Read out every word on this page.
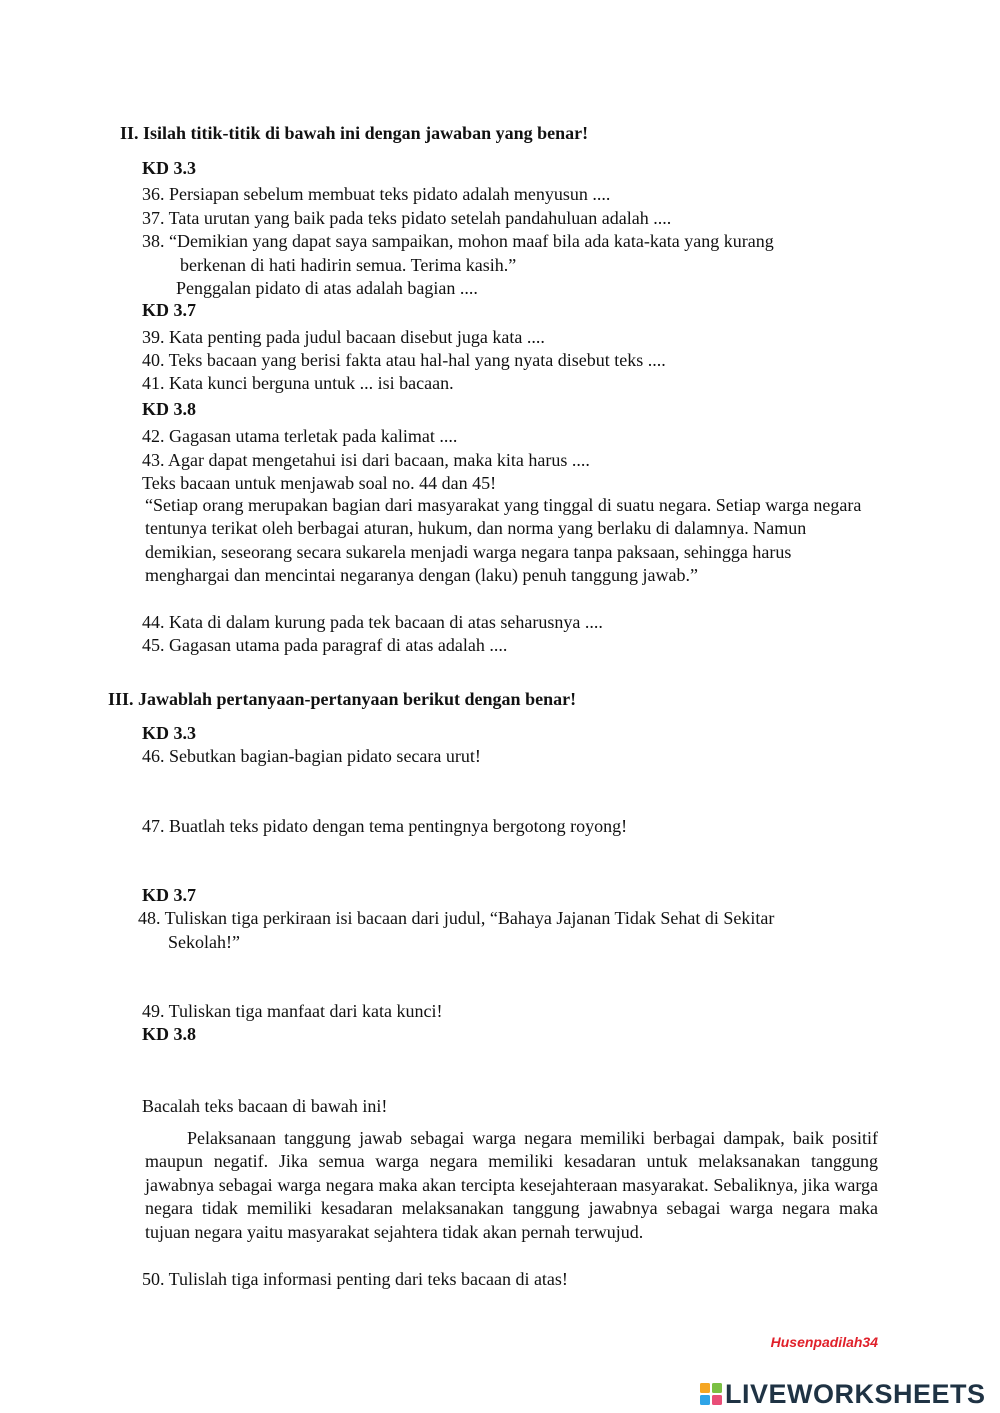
II. Isilah titik-titik di bawah ini dengan jawaban yang benar!
KD 3.3
36. Persiapan sebelum membuat teks pidato adalah menyusun ....
37. Tata urutan yang baik pada teks pidato setelah pandahuluan adalah ....
38. “Demikian yang dapat saya sampaikan, mohon maaf bila ada kata-kata yang kurang
berkenan di hati hadirin semua. Terima kasih.”
Penggalan pidato di atas adalah bagian ....
KD 3.7
39. Kata penting pada judul bacaan disebut juga kata ....
40. Teks bacaan yang berisi fakta atau hal-hal yang nyata disebut teks ....
41. Kata kunci berguna untuk ... isi bacaan.
KD 3.8
42. Gagasan utama terletak pada kalimat ....
43. Agar dapat mengetahui isi dari bacaan, maka kita harus ....
Teks bacaan untuk menjawab soal no. 44 dan 45!

“Setiap orang merupakan bagian dari masyarakat yang tinggal di suatu negara. Setiap warga negara tentunya terikat oleh berbagai aturan, hukum, dan norma yang berlaku di dalamnya. Namun demikian, seseorang secara sukarela menjadi warga negara tanpa paksaan, sehingga harus menghargai dan mencintai negaranya dengan (laku) penuh tanggung jawab.”

44. Kata di dalam kurung pada tek bacaan di atas seharusnya ....
45. Gagasan utama pada paragraf di atas adalah ....
III. Jawablah pertanyaan-pertanyaan berikut dengan benar!
KD 3.3
46. Sebutkan bagian-bagian pidato secara urut!
47. Buatlah teks pidato dengan tema pentingnya bergotong royong!
KD 3.7
48. Tuliskan tiga perkiraan isi bacaan dari judul, “Bahaya Jajanan Tidak Sehat di Sekitar
Sekolah!”
49. Tuliskan tiga manfaat dari kata kunci!
KD 3.8
Bacalah teks bacaan di bawah ini!

Pelaksanaan tanggung jawab sebagai warga negara memiliki berbagai dampak, baik positif maupun negatif. Jika semua warga negara memiliki kesadaran untuk melaksanakan tanggung jawabnya sebagai warga negara maka akan tercipta kesejahteraan masyarakat. Sebaliknya, jika warga negara tidak memiliki kesadaran melaksanakan tanggung jawabnya sebagai warga negara maka tujuan negara yaitu masyarakat sejahtera tidak akan pernah terwujud.

50. Tulislah tiga informasi penting dari teks bacaan di atas!
Husenpadilah34
LIVEWORKSHEETS
